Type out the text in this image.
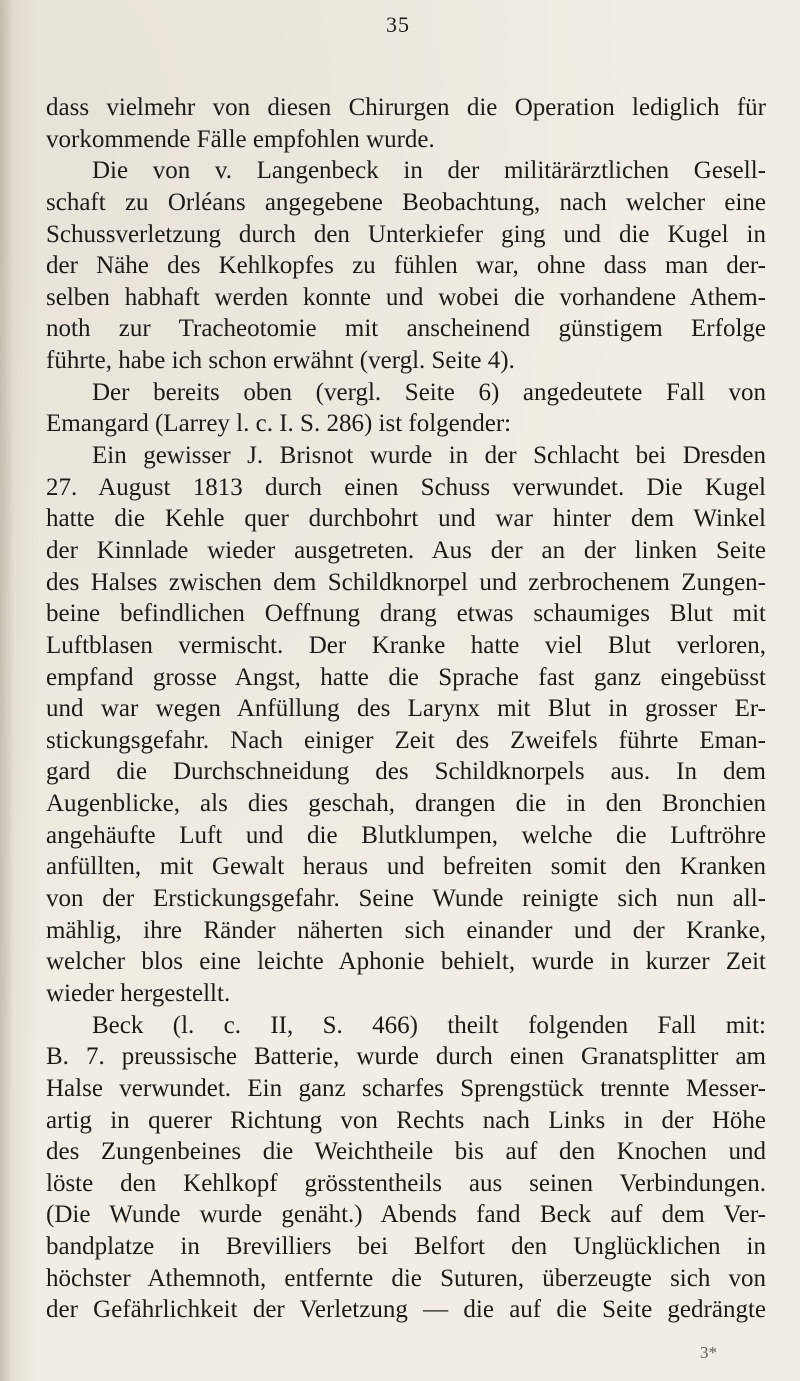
35
dass vielmehr von diesen Chirurgen die Operation lediglich für
vorkommende Fälle empfohlen wurde.
Die von v. Langenbeck in der militärärztlichen Gesell-
schaft zu Orléans angegebene Beobachtung, nach welcher eine
Schussverletzung durch den Unterkiefer ging und die Kugel in
der Nähe des Kehlkopfes zu fühlen war, ohne dass man der-
selben habhaft werden konnte und wobei die vorhandene Athem-
noth zur Tracheotomie mit anscheinend günstigem Erfolge
führte, habe ich schon erwähnt (vergl. Seite 4).
Der bereits oben (vergl. Seite 6) angedeutete Fall von
Emangard (Larrey l. c. I. S. 286) ist folgender:
Ein gewisser J. Brisnot wurde in der Schlacht bei Dresden
27. August 1813 durch einen Schuss verwundet. Die Kugel
hatte die Kehle quer durchbohrt und war hinter dem Winkel
der Kinnlade wieder ausgetreten. Aus der an der linken Seite
des Halses zwischen dem Schildknorpel und zerbrochenem Zungen-
beine befindlichen Oeffnung drang etwas schaumiges Blut mit
Luftblasen vermischt. Der Kranke hatte viel Blut verloren,
empfand grosse Angst, hatte die Sprache fast ganz eingebüsst
und war wegen Anfüllung des Larynx mit Blut in grosser Er-
stickungsgefahr. Nach einiger Zeit des Zweifels führte Eman-
gard die Durchschneidung des Schildknorpels aus. In dem
Augenblicke, als dies geschah, drangen die in den Bronchien
angehäufte Luft und die Blutklumpen, welche die Luftröhre
anfüllten, mit Gewalt heraus und befreiten somit den Kranken
von der Erstickungsgefahr. Seine Wunde reinigte sich nun all-
mählig, ihre Ränder näherten sich einander und der Kranke,
welcher blos eine leichte Aphonie behielt, wurde in kurzer Zeit
wieder hergestellt.
Beck (l. c. II, S. 466) theilt folgenden Fall mit:
B. 7. preussische Batterie, wurde durch einen Granatsplitter am
Halse verwundet. Ein ganz scharfes Sprengstück trennte Messer-
artig in querer Richtung von Rechts nach Links in der Höhe
des Zungenbeines die Weichtheile bis auf den Knochen und
löste den Kehlkopf grösstentheils aus seinen Verbindungen.
(Die Wunde wurde genäht.) Abends fand Beck auf dem Ver-
bandplatze in Brevilliers bei Belfort den Unglücklichen in
höchster Athemnoth, entfernte die Suturen, überzeugte sich von
der Gefährlichkeit der Verletzung — die auf die Seite gedrängte
3*
